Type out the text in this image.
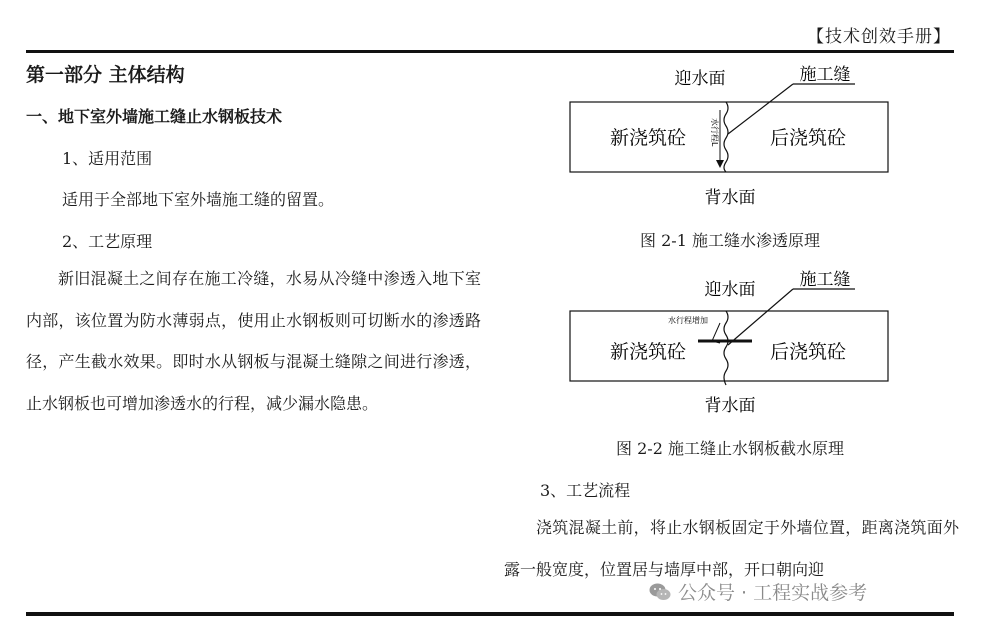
【技术创效手册】
第一部分 主体结构
一、地下室外墙施工缝止水钢板技术
1、适用范围
适用于全部地下室外墙施工缝的留置。
2、工艺原理
新旧混凝土之间存在施工冷缝，水易从冷缝中渗透入地下室内部，该位置为防水薄弱点，使用止水钢板则可切断水的渗透路径，产生截水效果。即时水从钢板与混凝土缝隙之间进行渗透，止水钢板也可增加渗透水的行程，减少漏水隐患。
迎水面	施工缝
水行程L
新浇筑砼	后浇筑砼
背水面
图 2-1 施工缝水渗透原理
迎水面	施工缝
水行程增加
新浇筑砼	后浇筑砼
背水面
图 2-2 施工缝止水钢板截水原理
3、工艺流程
浇筑混凝土前，将止水钢板固定于外墙位置，距离浇筑面外露一般宽度，位置居与墙厚中部，开口朝向迎
公众号 · 工程实战参考
